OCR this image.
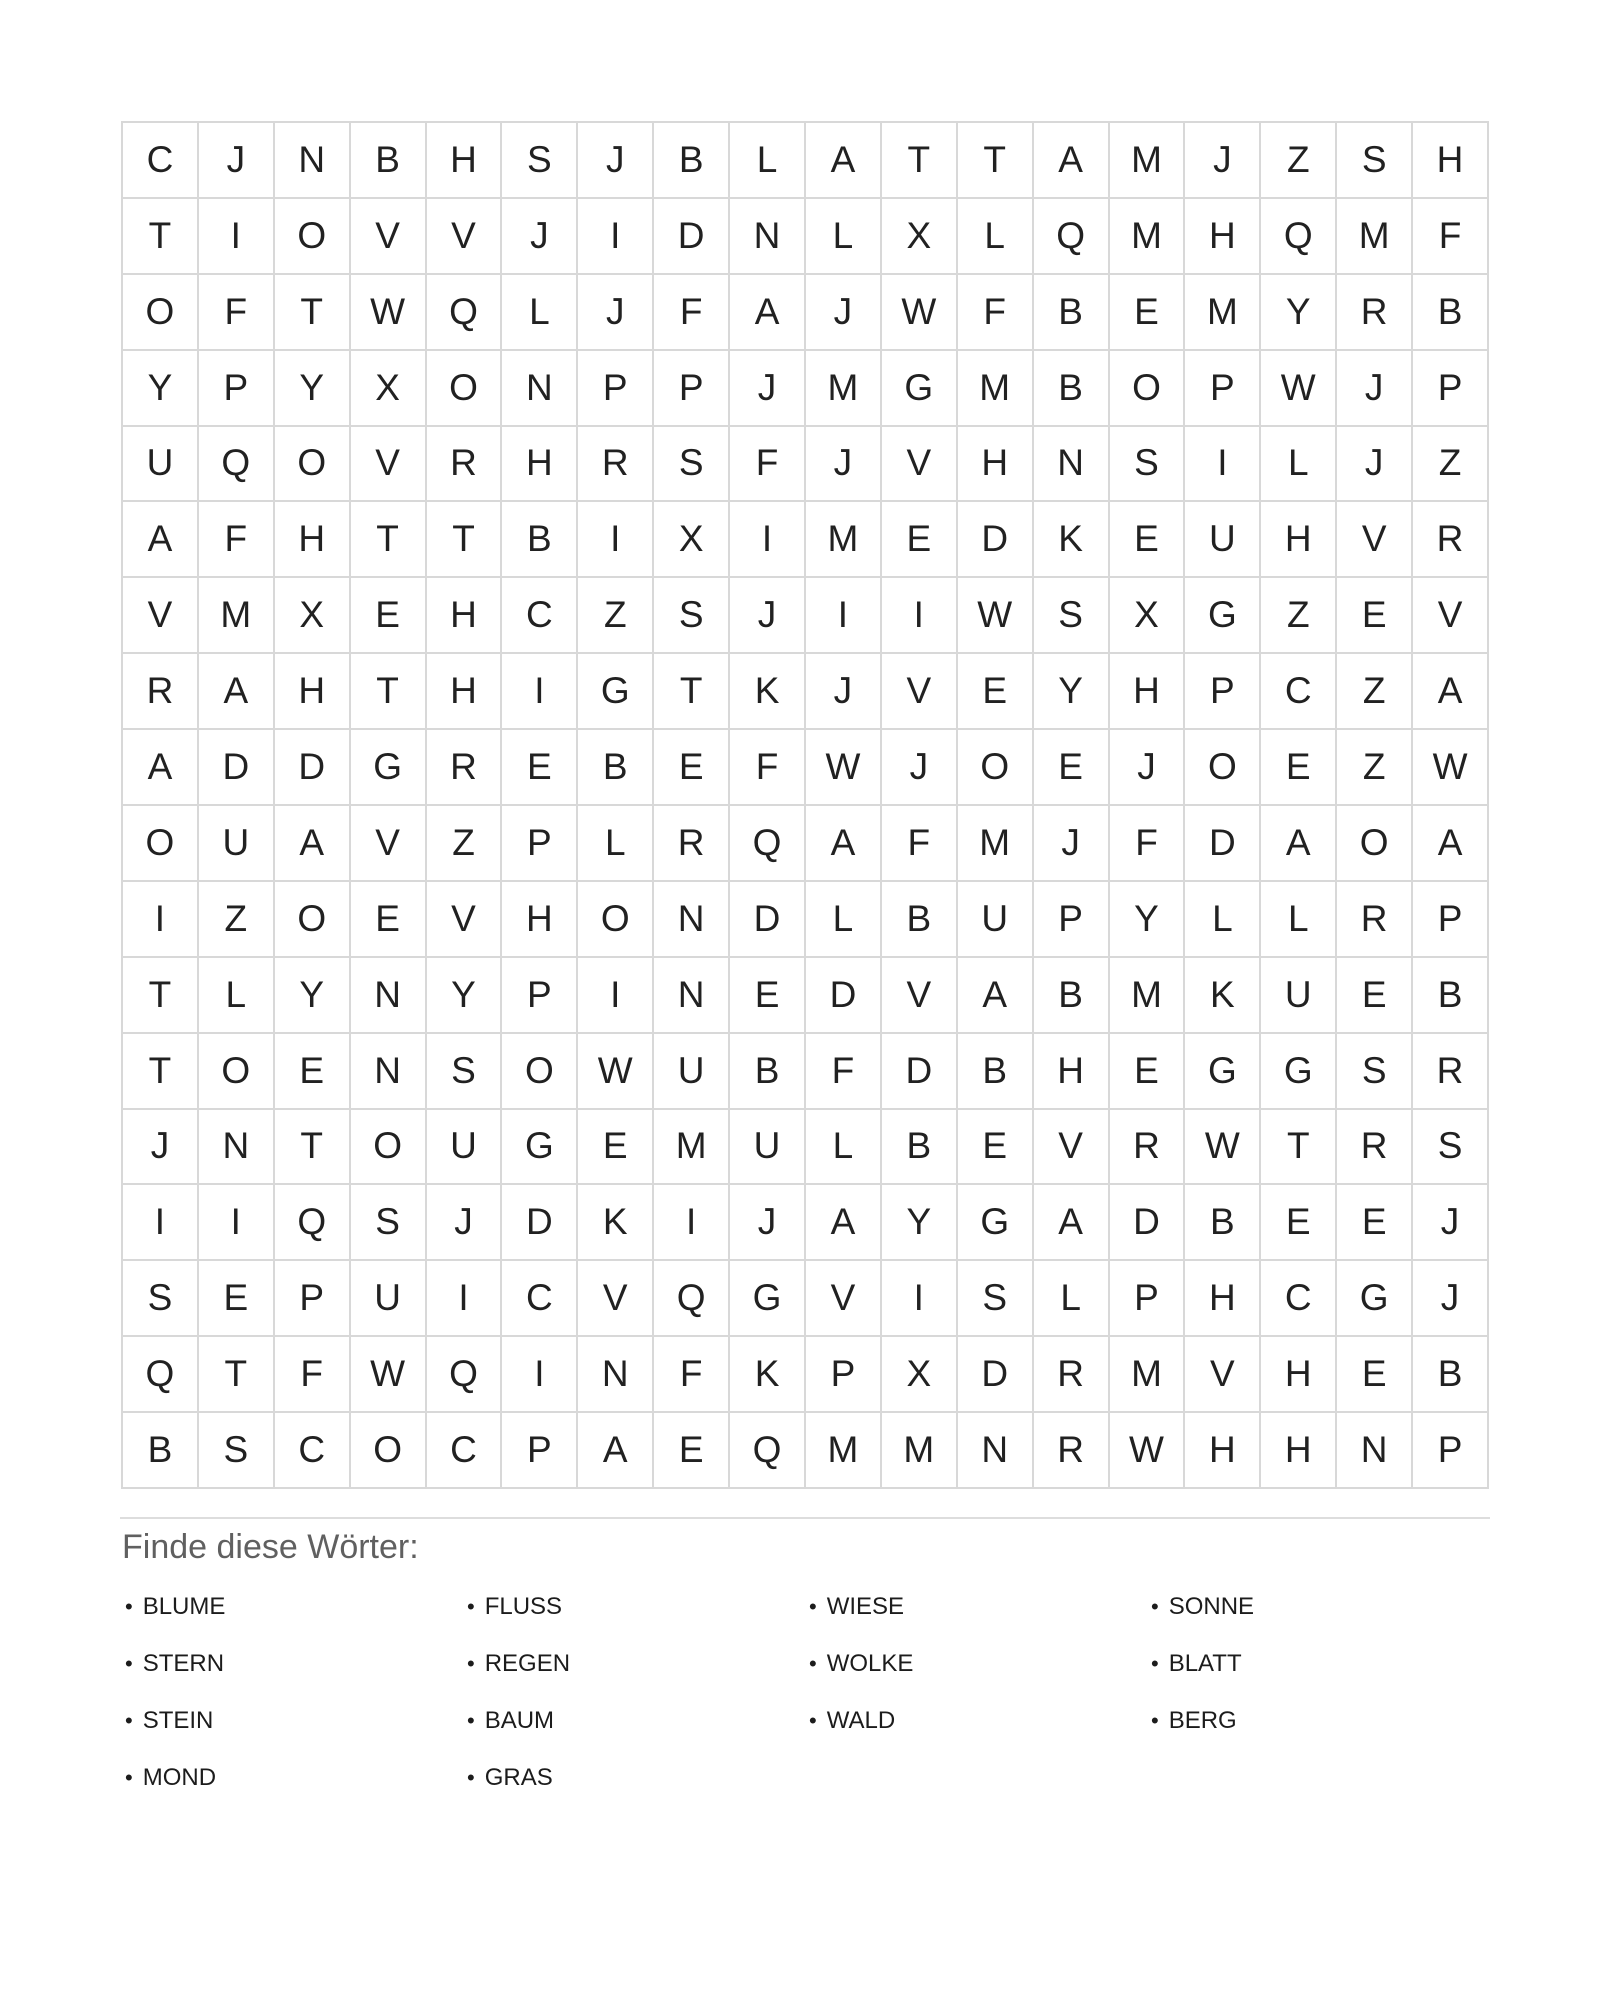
C	J	N	B	H	S	J	B	L	A	T	T	A	M	J	Z	S	H
T	I	O	V	V	J	I	D	N	L	X	L	Q	M	H	Q	M	F
O	F	T	W	Q	L	J	F	A	J	W	F	B	E	M	Y	R	B
Y	P	Y	X	O	N	P	P	J	M	G	M	B	O	P	W	J	P
U	Q	O	V	R	H	R	S	F	J	V	H	N	S	I	L	J	Z
A	F	H	T	T	B	I	X	I	M	E	D	K	E	U	H	V	R
V	M	X	E	H	C	Z	S	J	I	I	W	S	X	G	Z	E	V
R	A	H	T	H	I	G	T	K	J	V	E	Y	H	P	C	Z	A
A	D	D	G	R	E	B	E	F	W	J	O	E	J	O	E	Z	W
O	U	A	V	Z	P	L	R	Q	A	F	M	J	F	D	A	O	A
I	Z	O	E	V	H	O	N	D	L	B	U	P	Y	L	L	R	P
T	L	Y	N	Y	P	I	N	E	D	V	A	B	M	K	U	E	B
T	O	E	N	S	O	W	U	B	F	D	B	H	E	G	G	S	R
J	N	T	O	U	G	E	M	U	L	B	E	V	R	W	T	R	S
I	I	Q	S	J	D	K	I	J	A	Y	G	A	D	B	E	E	J
S	E	P	U	I	C	V	Q	G	V	I	S	L	P	H	C	G	J
Q	T	F	W	Q	I	N	F	K	P	X	D	R	M	V	H	E	B
B	S	C	O	C	P	A	E	Q	M	M	N	R	W	H	H	N	P
Finde diese Wörter:
• BLUME
• STERN
• STEIN
• MOND
• FLUSS
• REGEN
• BAUM
• GRAS
• WIESE
• WOLKE
• WALD
• SONNE
• BLATT
• BERG
